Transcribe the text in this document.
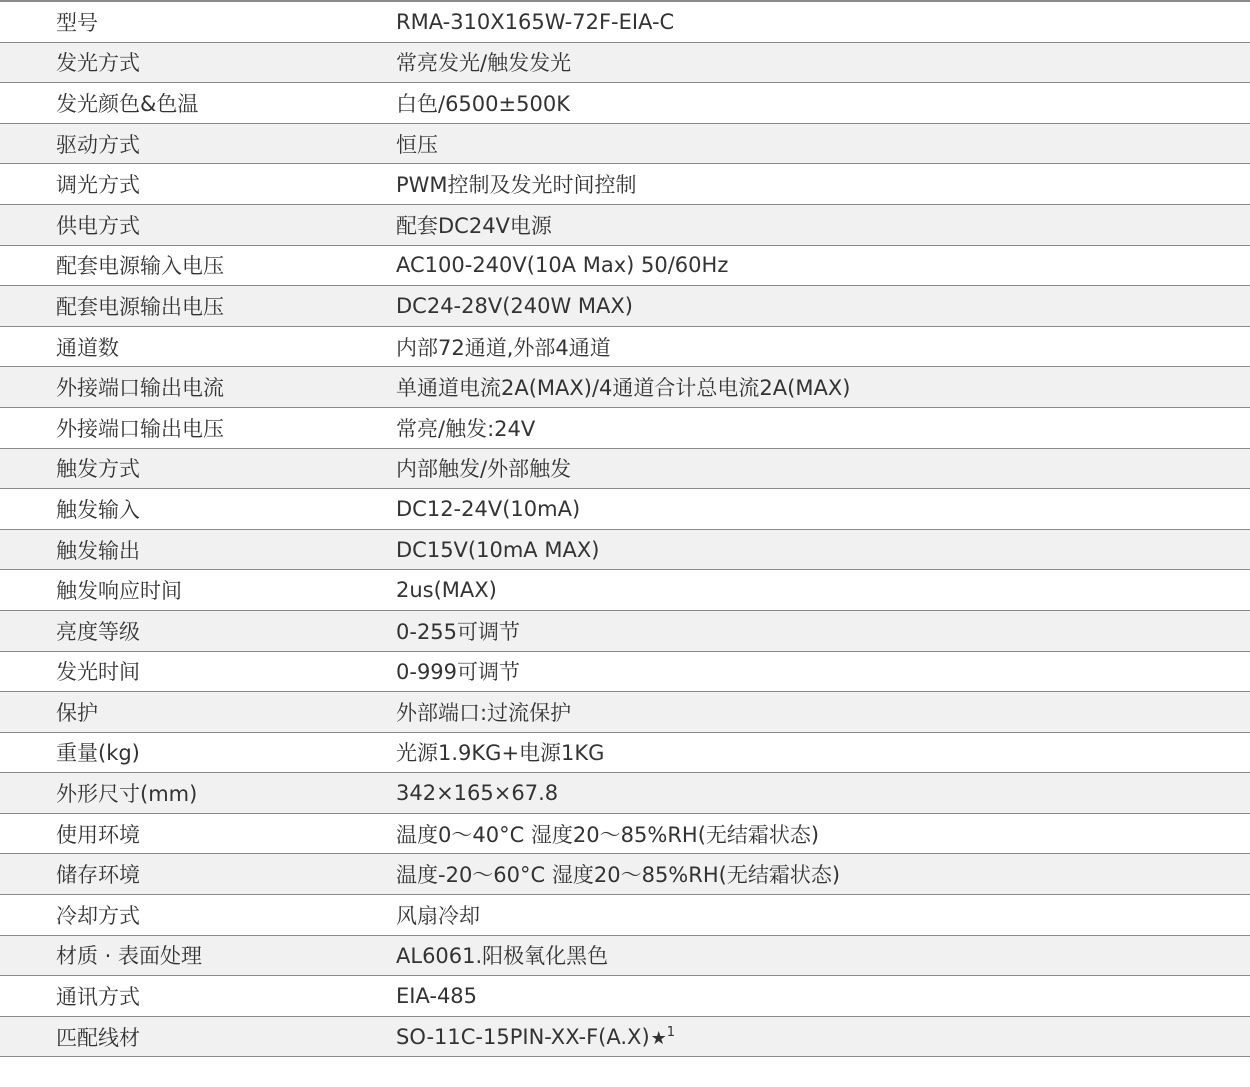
型号	RMA-310X165W-72F-EIA-C
发光方式	常亮发光/触发发光
发光颜色&色温	白色/6500±500K
驱动方式	恒压
调光方式	PWM控制及发光时间控制
供电方式	配套DC24V电源
配套电源输入电压	AC100-240V(10A Max) 50/60Hz
配套电源输出电压	DC24-28V(240W MAX)
通道数	内部72通道,外部4通道
外接端口输出电流	单通道电流2A(MAX)/4通道合计总电流2A(MAX)
外接端口输出电压	常亮/触发:24V
触发方式	内部触发/外部触发
触发输入	DC12-24V(10mA)
触发输出	DC15V(10mA MAX)
触发响应时间	2us(MAX)
亮度等级	0-255可调节
发光时间	0-999可调节
保护	外部端口:过流保护
重量(kg)	光源1.9KG+电源1KG
外形尺寸(mm)	342×165×67.8
使用环境	温度0～40°C 湿度20～85%RH(无结霜状态)
储存环境	温度-20～60°C 湿度20～85%RH(无结霜状态)
冷却方式	风扇冷却
材质 · 表面处理	AL6061.阳极氧化黑色
通讯方式	EIA-485
匹配线材	SO-11C-15PIN-XX-F(A.X)★$^1$
